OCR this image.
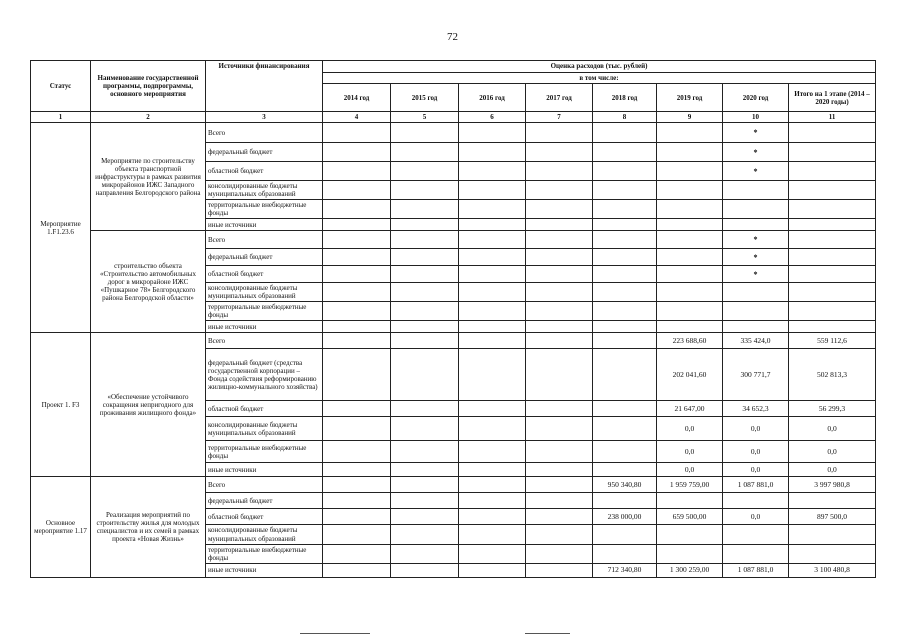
72
Статус	Наименование государственной программы, подпрограммы, основного мероприятия	Источники финансирования	Оценка расходов (тыс. рублей)							
			в том числе:							
			2014 год	2015 год	2016 год	2017 год	2018 год	2019 год	2020 год	Итого на 1 этапе (2014 – 2020 годы)
1	2	3	4	5	6	7	8	9	10	11
Мероприятие 1.F1.23.6	Мероприятие по строительству объекта транспортной инфраструктуры в рамках развития микрорайонов ИЖС Западного направления Белгородского района	Всего							*	
		федеральный бюджет							*	
		областной бюджет							*	
		консолидированные бюджеты муниципальных образований								
		территориальные внебюджетные фонды								
		иные источники								
	строительство объекта «Строительство автомобильных дорог в микрорайоне ИЖС «Пушкарное 78» Белгородского района Белгородской области»	Всего							*	
		федеральный бюджет							*	
		областной бюджет							*	
		консолидированные бюджеты муниципальных образований								
		территориальные внебюджетные фонды								
		иные источники								
Проект 1. F3	«Обеспечение устойчивого сокращения непригодного для проживания жилищного фонда»	Всего						223 688,60	335 424,0	559 112,6
		федеральный бюджет (средства государственной корпорации – Фонда содействия реформированию жилищно-коммунального хозяйства)						202 041,60	300 771,7	502 813,3
		областной бюджет						21 647,00	34 652,3	56 299,3
		консолидированные бюджеты муниципальных образований						0,0	0,0	0,0
		территориальные внебюджетные фонды						0,0	0,0	0,0
		иные источники						0,0	0,0	0,0
Основное мероприятие 1.17	Реализация мероприятий по строительству жилья для молодых специалистов и их семей в рамках проекта «Новая Жизнь»	Всего					950 340,80	1 959 759,00	1 087 881,0	3 997 980,8
		федеральный бюджет								
		областной бюджет					238 000,00	659 500,00	0,0	897 500,0
		консолидированные бюджеты муниципальных образований								
		территориальные внебюджетные фонды								
		иные источники					712 340,80	1 300 259,00	1 087 881,0	3 100 480,8
